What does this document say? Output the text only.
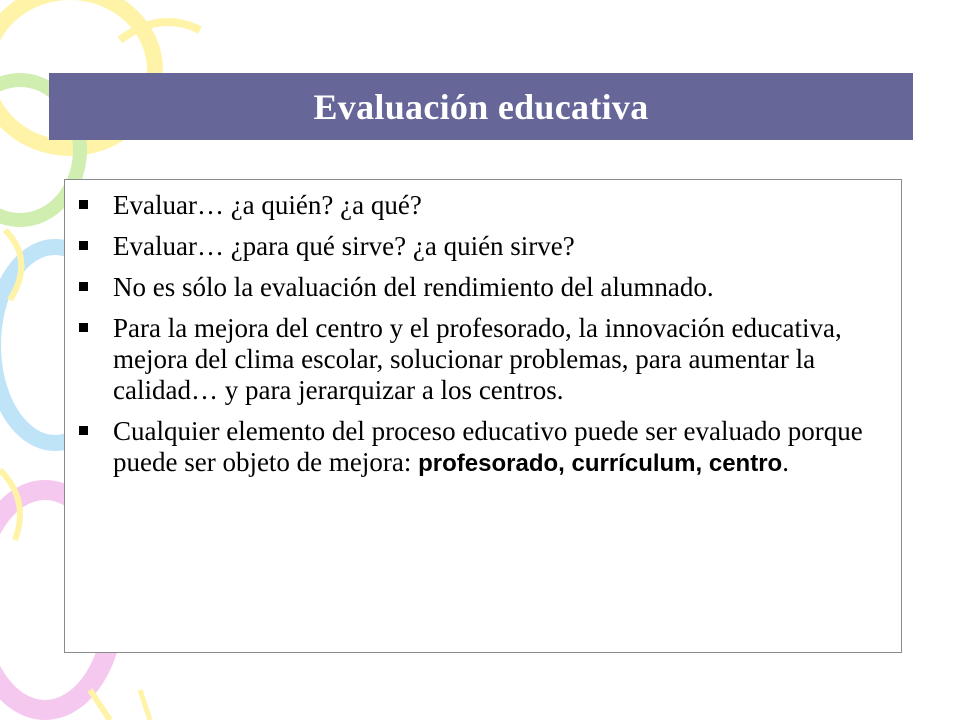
Evaluación educativa
Evaluar… ¿a quién? ¿a qué?
Evaluar… ¿para qué sirve? ¿a quién sirve?
No es sólo la evaluación del rendimiento del alumnado.
Para la mejora del centro y el profesorado, la innovación educativa, mejora del clima escolar, solucionar problemas, para aumentar la calidad… y para jerarquizar a los centros.
Cualquier elemento del proceso educativo puede ser evaluado porque puede ser objeto de mejora: profesorado, currículum, centro.
